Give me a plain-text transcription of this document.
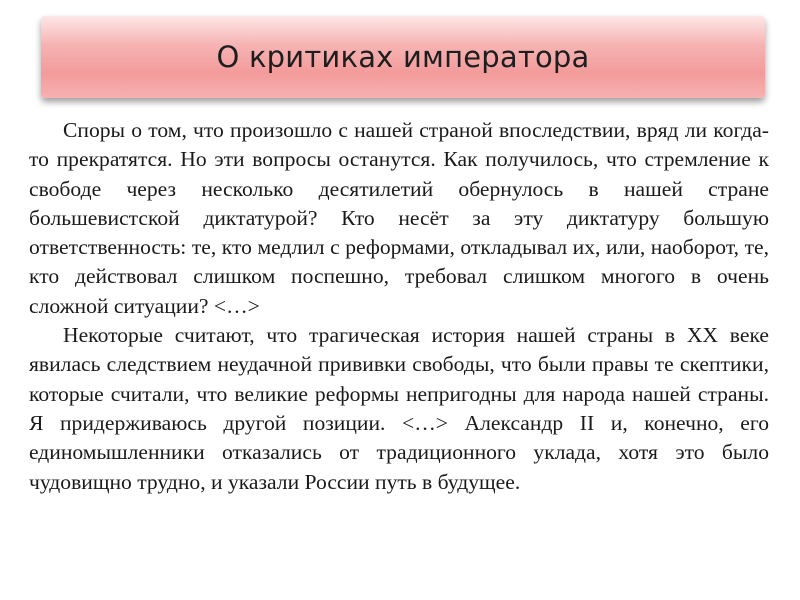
О критиках императора

Споры о том, что произошло с нашей страной впоследствии, вряд ли когда-то прекратятся. Но эти вопросы останутся. Как получилось, что стремление к свободе через несколько десятилетий обернулось в нашей стране большевистской диктатурой? Кто несёт за эту диктатуру большую ответственность: те, кто медлил с реформами, откладывал их, или, наоборот, те, кто действовал слишком поспешно, требовал слишком многого в очень сложной ситуации? <…>

Некоторые считают, что трагическая история нашей страны в XX веке явилась следствием неудачной прививки свободы, что были правы те скептики, которые считали, что великие реформы непригодны для народа нашей страны. Я придерживаюсь другой позиции. <…> Александр II и, конечно, его единомышленники отказались от традиционного уклада, хотя это было чудовищно трудно, и указали России путь в будущее.
